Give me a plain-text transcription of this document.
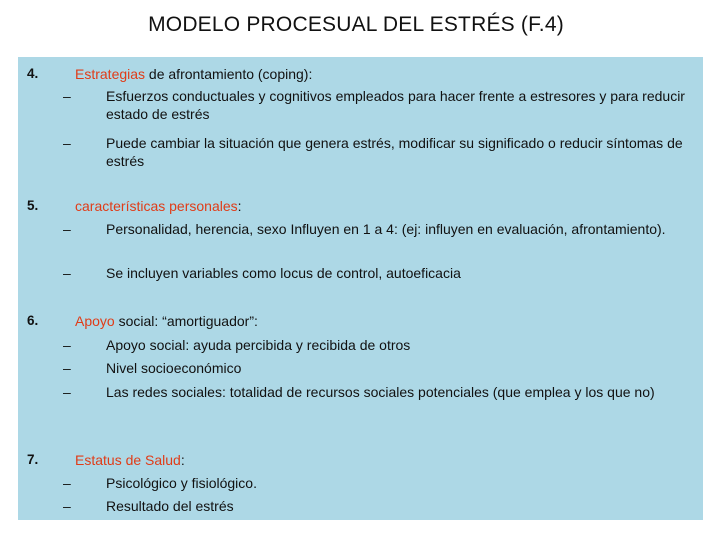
MODELO PROCESUAL DEL ESTRÉS (F.4)
4.	Estrategias de afrontamiento (coping):
–	Esfuerzos conductuales y cognitivos empleados para hacer frente a estresores y para reducir estado de estrés
–	Puede cambiar la situación que genera estrés, modificar su significado o reducir síntomas de estrés
5.	características personales:
–	Personalidad, herencia, sexo Influyen en 1 a 4: (ej: influyen en evaluación, afrontamiento).
–	Se incluyen variables como locus de control, autoeficacia
6.	Apoyo social: “amortiguador”:
–	Apoyo social: ayuda percibida y recibida de otros
–	Nivel socioeconómico
–	Las redes sociales: totalidad de recursos sociales potenciales (que emplea y los que no)
7.	Estatus de Salud:
–	Psicológico y fisiológico.
–	Resultado del estrés
